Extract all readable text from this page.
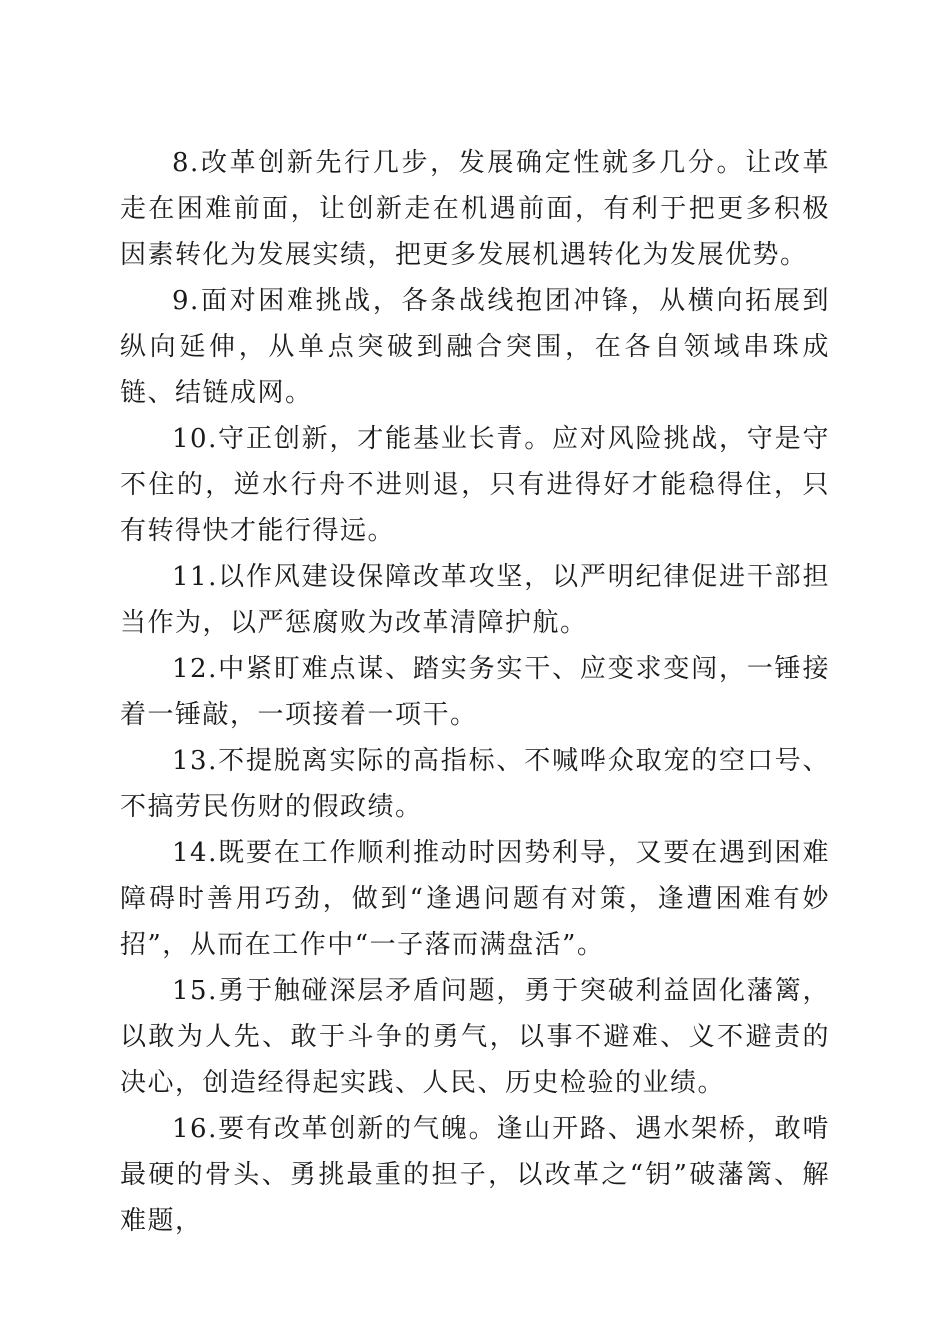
8.改革创新先行几步，发展确定性就多几分。让改革走在困难前面，让创新走在机遇前面，有利于把更多积极因素转化为发展实绩，把更多发展机遇转化为发展优势。

9.面对困难挑战，各条战线抱团冲锋，从横向拓展到纵向延伸，从单点突破到融合突围，在各自领域串珠成链、结链成网。

10.守正创新，才能基业长青。应对风险挑战，守是守不住的，逆水行舟不进则退，只有进得好才能稳得住，只有转得快才能行得远。

11.以作风建设保障改革攻坚，以严明纪律促进干部担当作为，以严惩腐败为改革清障护航。

12.中紧盯难点谋、踏实务实干、应变求变闯，一锤接着一锤敲，一项接着一项干。

13.不提脱离实际的高指标、不喊哗众取宠的空口号、不搞劳民伤财的假政绩。

14.既要在工作顺利推动时因势利导，又要在遇到困难障碍时善用巧劲，做到“逢遇问题有对策，逢遭困难有妙招”，从而在工作中“一子落而满盘活”。

15.勇于触碰深层矛盾问题，勇于突破利益固化藩篱，以敢为人先、敢于斗争的勇气，以事不避难、义不避责的决心，创造经得起实践、人民、历史检验的业绩。

16.要有改革创新的气魄。逢山开路、遇水架桥，敢啃最硬的骨头、勇挑最重的担子，以改革之“钥”破藩篱、解难题，
